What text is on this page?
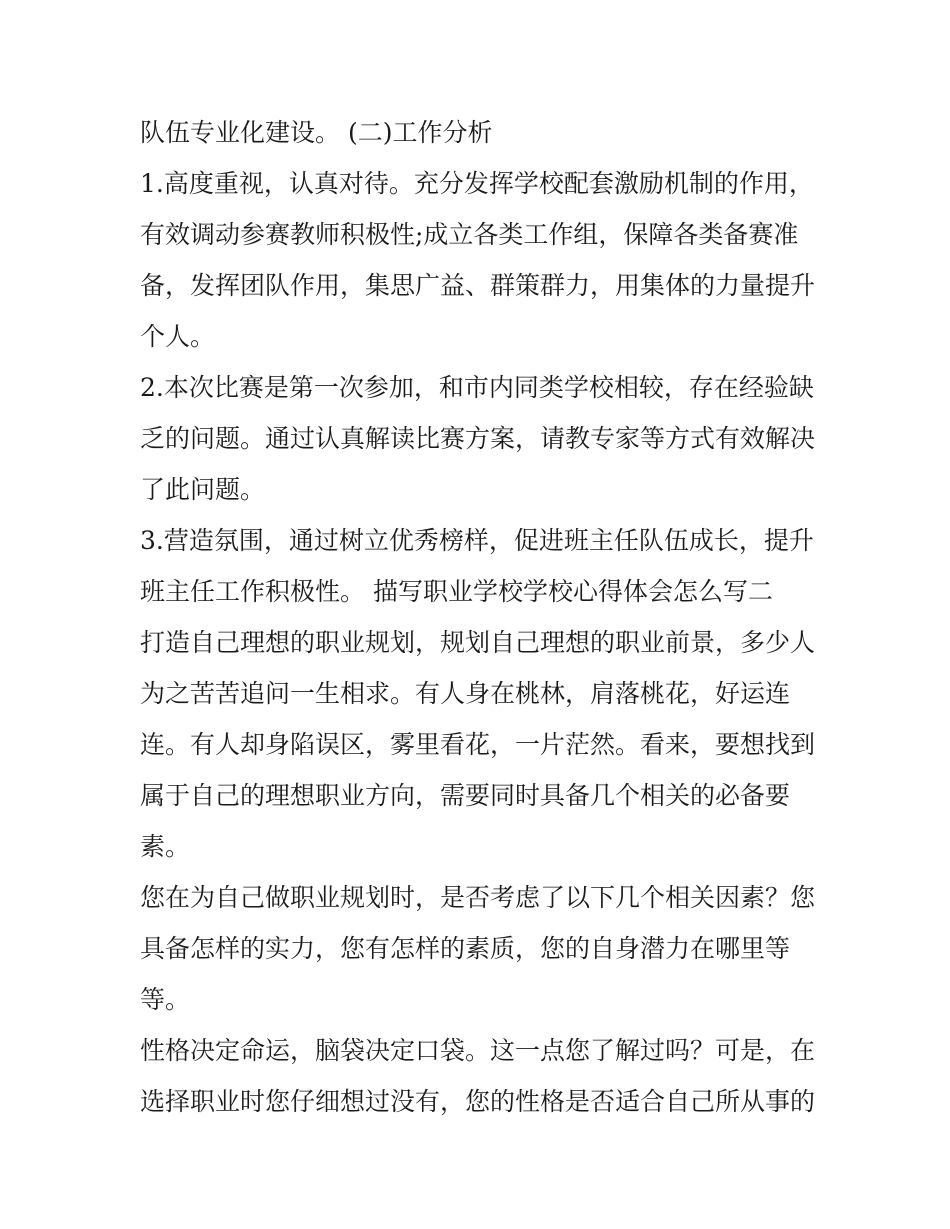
队伍专业化建设。 (二)工作分析
1.高度重视，认真对待。充分发挥学校配套激励机制的作用，
有效调动参赛教师积极性;成立各类工作组，保障各类备赛准
备，发挥团队作用，集思广益、群策群力，用集体的力量提升
个人。
2.本次比赛是第一次参加，和市内同类学校相较，存在经验缺
乏的问题。通过认真解读比赛方案，请教专家等方式有效解决
了此问题。
3.营造氛围，通过树立优秀榜样，促进班主任队伍成长，提升
班主任工作积极性。 描写职业学校学校心得体会怎么写二
打造自己理想的职业规划，规划自己理想的职业前景，多少人
为之苦苦追问一生相求。有人身在桃林，肩落桃花，好运连
连。有人却身陷误区，雾里看花，一片茫然。看来，要想找到
属于自己的理想职业方向，需要同时具备几个相关的必备要
素。
您在为自己做职业规划时，是否考虑了以下几个相关因素？您
具备怎样的实力，您有怎样的素质，您的自身潜力在哪里等
等。
性格决定命运，脑袋决定口袋。这一点您了解过吗？可是，在
选择职业时您仔细想过没有，您的性格是否适合自己所从事的
